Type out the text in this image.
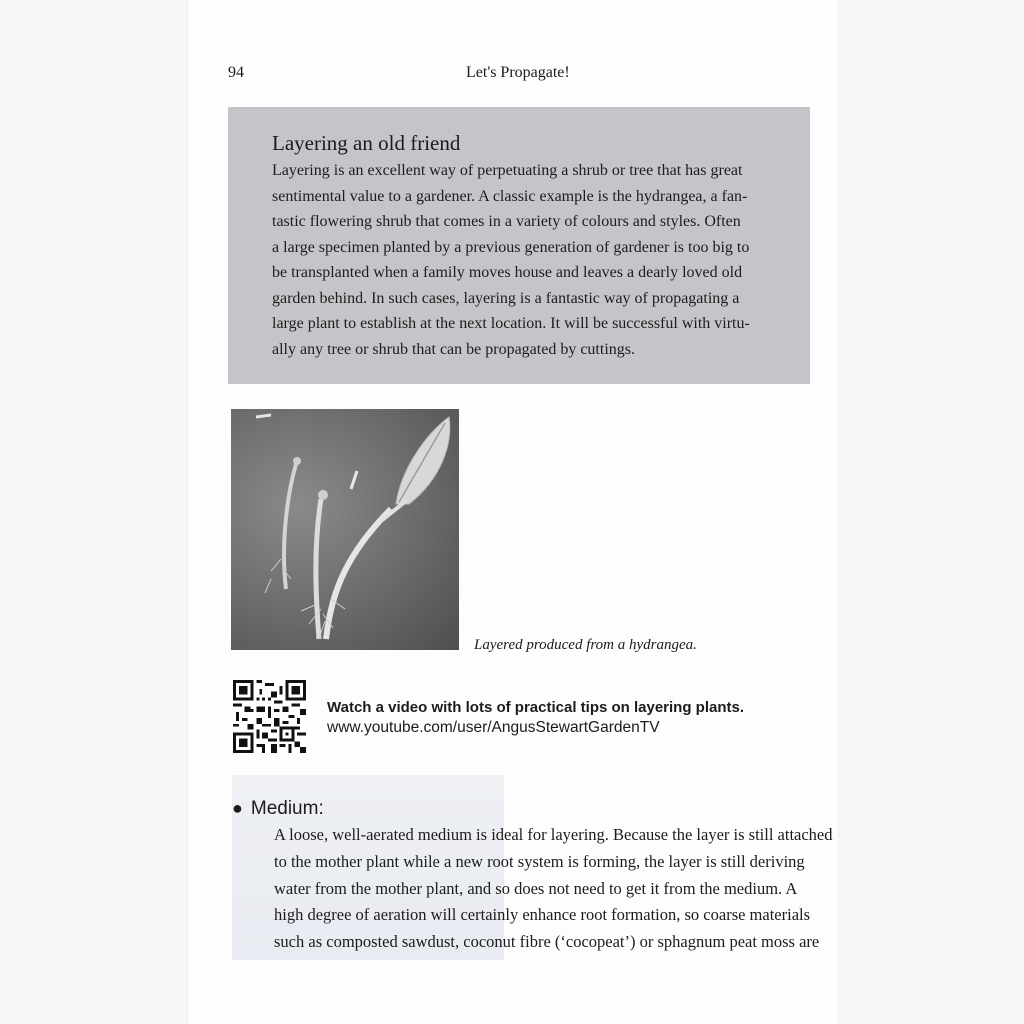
94	Let's Propagate!
Layering an old friend
Layering is an excellent way of perpetuating a shrub or tree that has great
sentimental value to a gardener. A classic example is the hydrangea, a fan-
tastic flowering shrub that comes in a variety of colours and styles. Often
a large specimen planted by a previous generation of gardener is too big to
be transplanted when a family moves house and leaves a dearly loved old
garden behind. In such cases, layering is a fantastic way of propagating a
large plant to establish at the next location. It will be successful with virtu-
ally any tree or shrub that can be propagated by cuttings.
Layered produced from a hydrangea.
Watch a video with lots of practical tips on layering plants.
www.youtube.com/user/AngusStewartGardenTV
● Medium:
A loose, well-aerated medium is ideal for layering. Because the layer is still attached
to the mother plant while a new root system is forming, the layer is still deriving
water from the mother plant, and so does not need to get it from the medium. A
high degree of aeration will certainly enhance root formation, so coarse materials
such as composted sawdust, coconut fibre (‘cocopeat’) or sphagnum peat moss are
